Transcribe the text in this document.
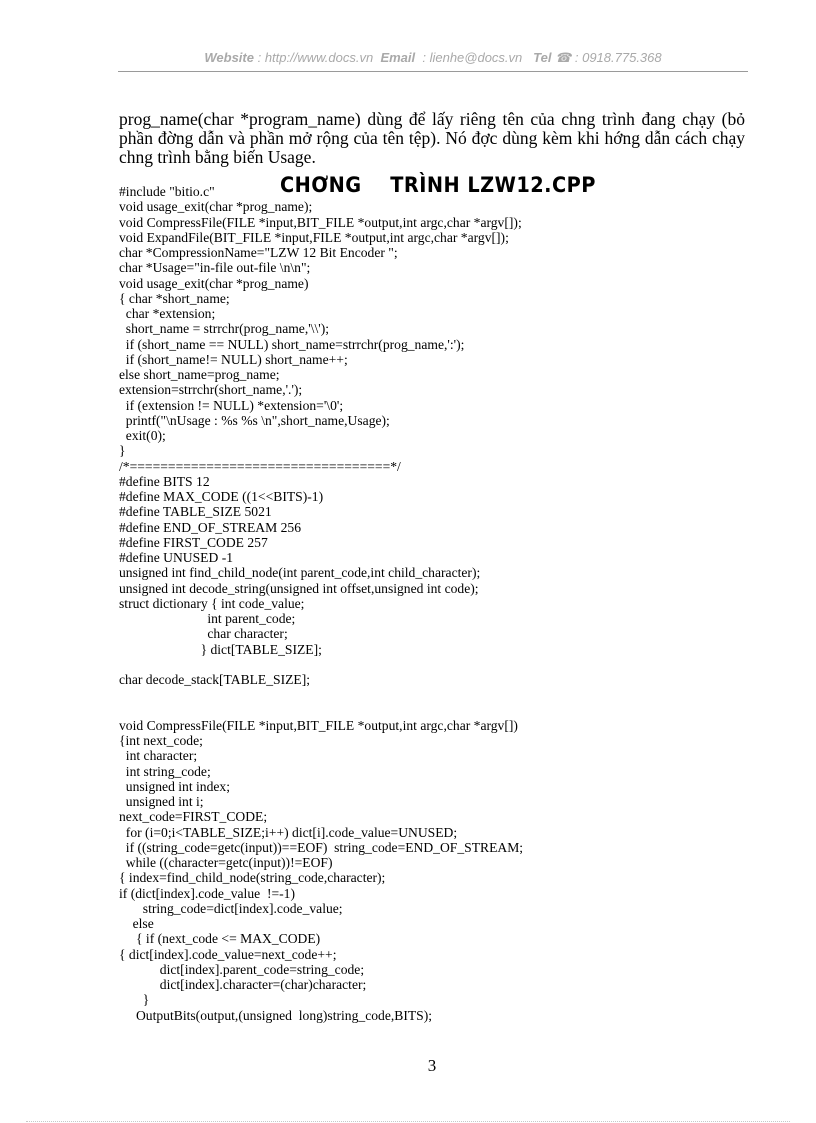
Website : http://www.docs.vn Email : lienhe@docs.vn Tel ☎ : 0918.775.368
prog_name(char *program_name) dùng để lấy riêng tên của chng trình đang chạy (bỏ phần đờng dẫn và phần mở rộng của tên tệp). Nó đợc dùng kèm khi hớng dẫn cách chạy chng trình bằng biến Usage.
CHƠNG    TRÌNH LZW12.CPP
#include "bitio.c"
void usage_exit(char *prog_name);
void CompressFile(FILE *input,BIT_FILE *output,int argc,char *argv[]);
void ExpandFile(BIT_FILE *input,FILE *output,int argc,char *argv[]);
char *CompressionName="LZW 12 Bit Encoder ";
char *Usage="in-file out-file \n\n";
void usage_exit(char *prog_name)
{ char *short_name;
char *extension;
short_name = strrchr(prog_name,'\\');
if (short_name == NULL) short_name=strrchr(prog_name,':');
if (short_name!= NULL) short_name++;
else short_name=prog_name;
extension=strrchr(short_name,'.');
if (extension != NULL) *extension='\0';
printf("\nUsage : %s %s \n",short_name,Usage);
exit(0);
}
/*==================================*/
#define BITS 12
#define MAX_CODE ((1<<BITS)-1)
#define TABLE_SIZE 5021
#define END_OF_STREAM 256
#define FIRST_CODE 257
#define UNUSED -1
unsigned int find_child_node(int parent_code,int child_character);
unsigned int decode_string(unsigned int offset,unsigned int code);
struct dictionary { int code_value;
int parent_code;
char character;
} dict[TABLE_SIZE];
char decode_stack[TABLE_SIZE];
void CompressFile(FILE *input,BIT_FILE *output,int argc,char *argv[])
{int next_code;
int character;
int string_code;
unsigned int index;
unsigned int i;
next_code=FIRST_CODE;
for (i=0;i<TABLE_SIZE;i++) dict[i].code_value=UNUSED;
if ((string_code=getc(input))==EOF)  string_code=END_OF_STREAM;
while ((character=getc(input))!=EOF)
{ index=find_child_node(string_code,character);
if (dict[index].code_value  !=-1)
string_code=dict[index].code_value;
else
{ if (next_code <= MAX_CODE)
{ dict[index].code_value=next_code++;
dict[index].parent_code=string_code;
dict[index].character=(char)character;
}
OutputBits(output,(unsigned  long)string_code,BITS);
3
